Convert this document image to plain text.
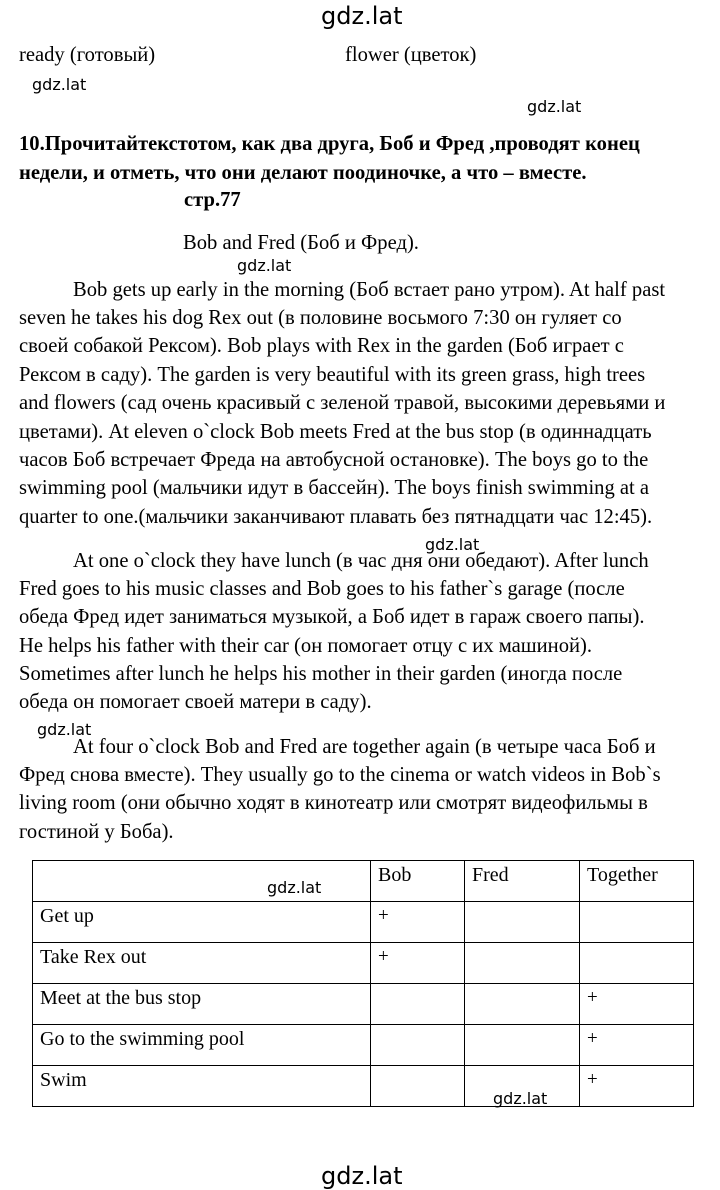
gdz.lat
gdz.lat
gdz.lat
gdz.lat
gdz.lat
gdz.lat
gdz.lat
ready (готовый)	flower (цветок)
10.Прочитайтекстотом, как два друга, Боб и Фред ,проводят конец
недели, и отметь, что они делают поодиночке, а что – вместе.
стр.77
Bob and Fred (Боб и Фред).
Bob gets up early in the morning (Боб встает рано утром). At half past
seven he takes his dog Rex out (в половине восьмого 7:30 он гуляет со
своей собакой Рексом). Bob plays with Rex in the garden (Боб играет с
Рексом в саду). The garden is very beautiful with its green grass, high trees
and flowers (сад очень красивый с зеленой травой, высокими деревьями и
цветами). At eleven o`clock Bob meets Fred at the bus stop (в одиннадцать
часов Боб встречает Фреда на автобусной остановке). The boys go to the
swimming pool (мальчики идут в бассейн). The boys finish swimming at a
quarter to one.(мальчики заканчивают плавать без пятнадцати час 12:45).
At one o`clock they have lunch (в час дня они обедают). After lunch
Fred goes to his music classes and Bob goes to his father`s garage (после
обеда Фред идет заниматься музыкой, а Боб идет в гараж своего папы).
He helps his father with their car (он помогает отцу с их машиной).
Sometimes after lunch he helps his mother in their garden (иногда после
обеда он помогает своей матери в саду).
At four o`clock Bob and Fred are together again (в четыре часа Боб и
Фред снова вместе). They usually go to the cinema or watch videos in Bob`s
living room (они обычно ходят в кинотеатр или смотрят видеофильмы в
гостиной у Боба).
gdz.lat	Bob	Fred	Together
Get up	+		
Take Rex out	+		
Meet at the bus stop			+
Go to the swimming pool			+
Swim		gdz.lat	+
